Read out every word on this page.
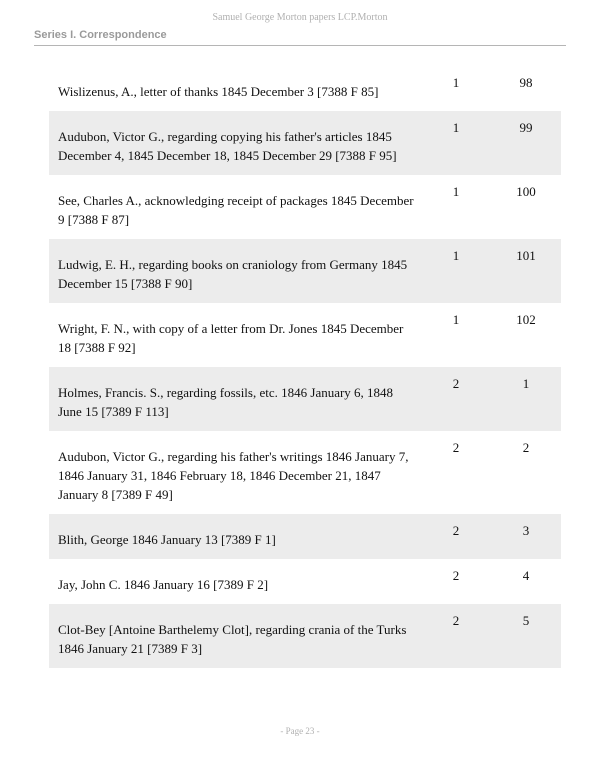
Samuel George Morton papers LCP.Morton
Series I. Correspondence
Wislizenus, A., letter of thanks 1845 December 3 [7388 F 85]
1	98
Audubon, Victor G., regarding copying his father's articles 1845 December 4, 1845 December 18, 1845 December 29 [7388 F 95]
1	99
See, Charles A., acknowledging receipt of packages 1845 December 9 [7388 F 87]
1	100
Ludwig, E. H., regarding books on craniology from Germany 1845 December 15 [7388 F 90]
1	101
Wright, F. N., with copy of a letter from Dr. Jones 1845 December 18 [7388 F 92]
1	102
Holmes, Francis. S., regarding fossils, etc. 1846 January 6, 1848 June 15 [7389 F 113]
2	1
Audubon, Victor G., regarding his father's writings 1846 January 7, 1846 January 31, 1846 February 18, 1846 December 21, 1847 January 8 [7389 F 49]
2	2
Blith, George 1846 January 13 [7389 F 1]
2	3
Jay, John C. 1846 January 16 [7389 F 2]
2	4
Clot-Bey [Antoine Barthelemy Clot], regarding crania of the Turks 1846 January 21 [7389 F 3]
2	5
- Page 23 -
